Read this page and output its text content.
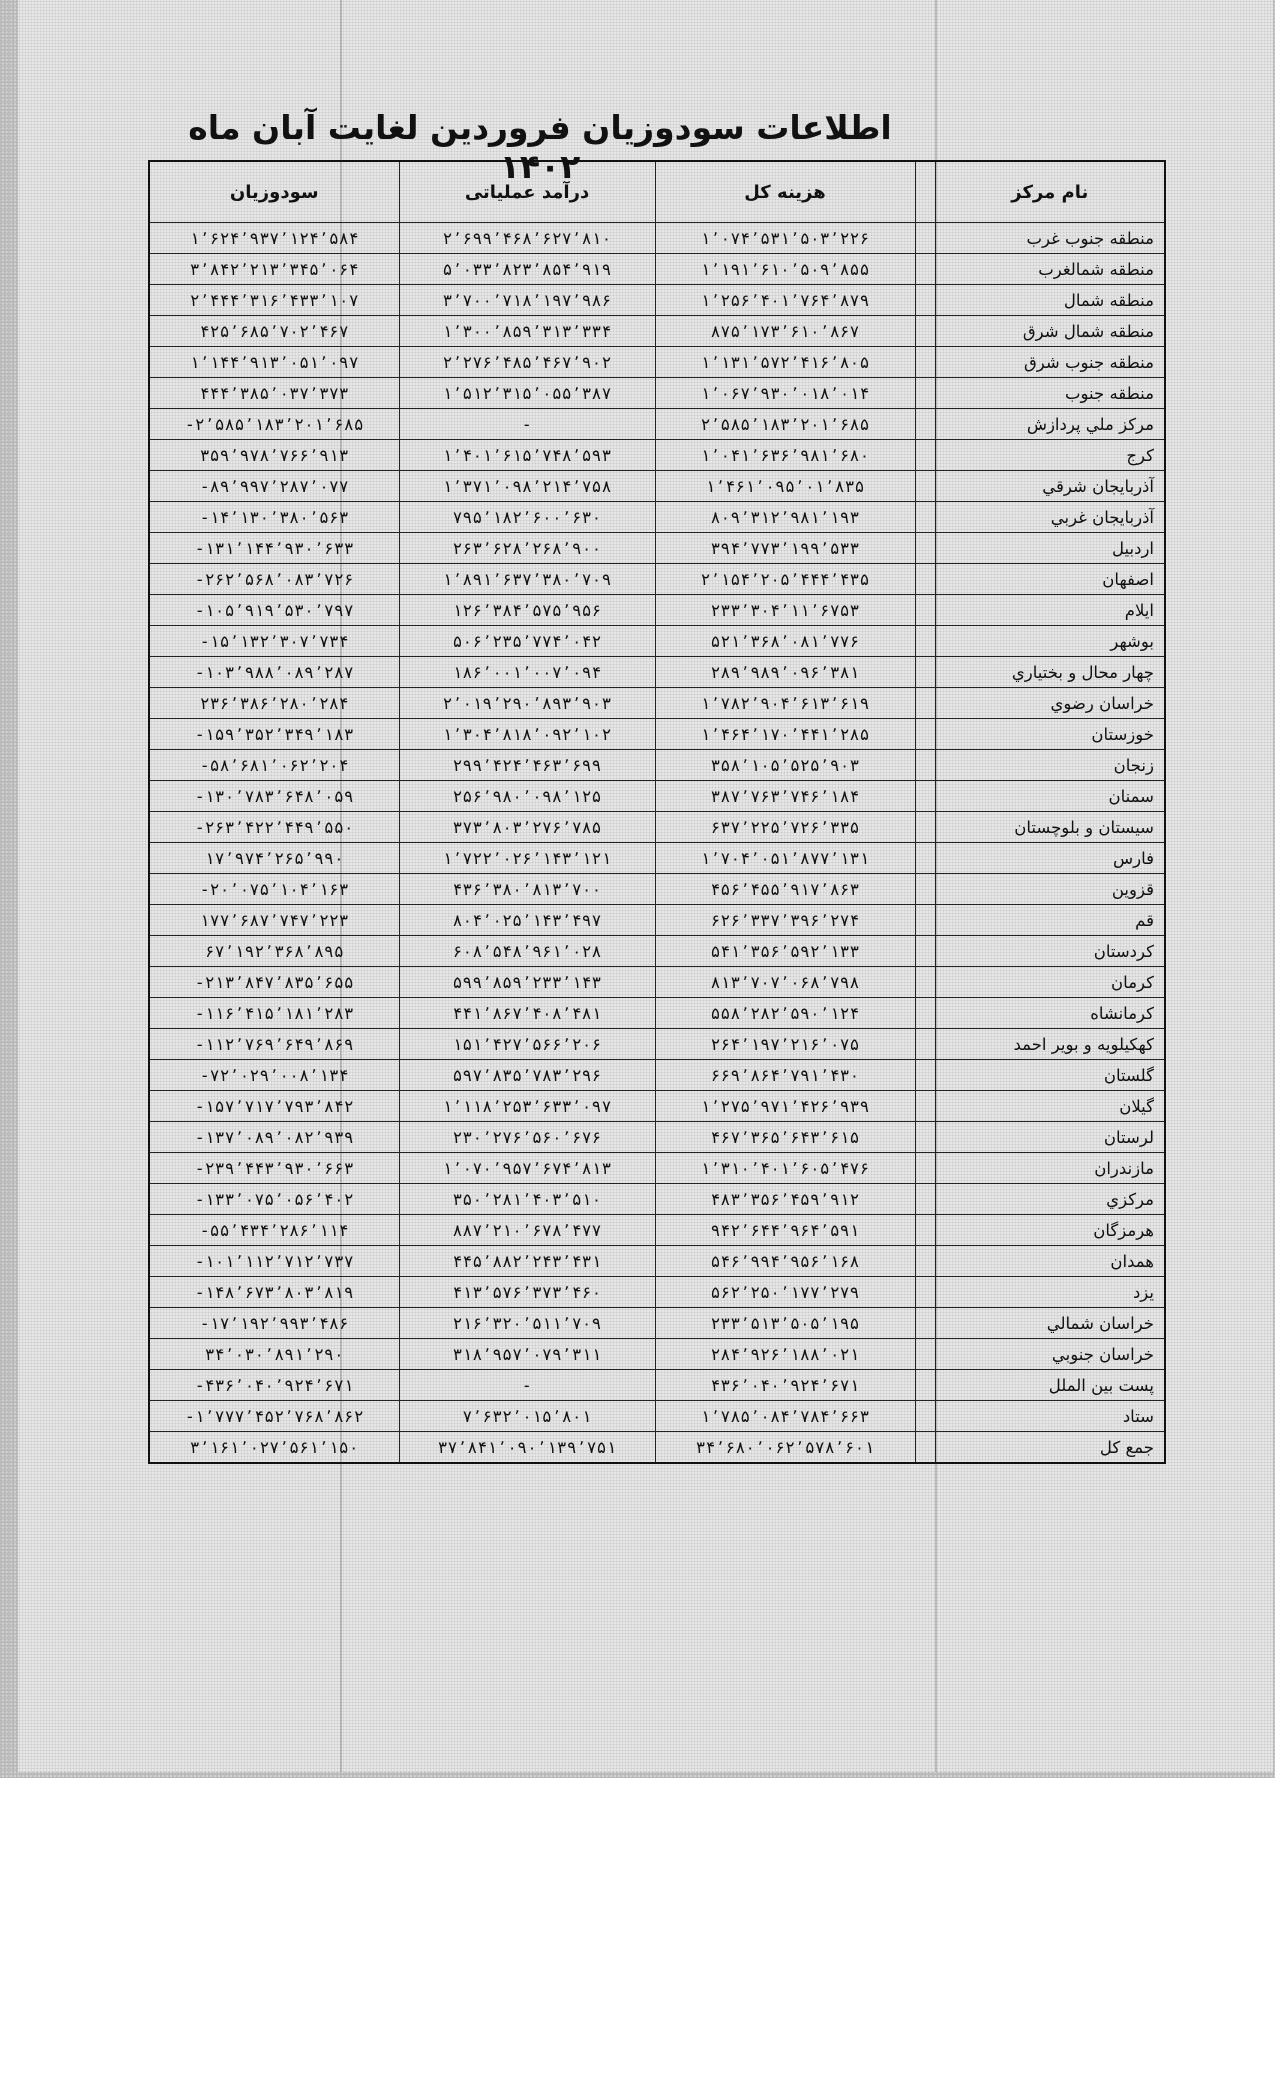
اطلاعات سودوزیان فروردین لغایت آبان ماه ۱۴۰۲
نام مرکز		هزینه کل	درآمد عملیاتی	سودوزیان
منطقه جنوب غرب		۱٬۰۷۴٬۵۳۱٬۵۰۳٬۲۲۶	۲٬۶۹۹٬۴۶۸٬۶۲۷٬۸۱۰	۱٬۶۲۴٬۹۳۷٬۱۲۴٬۵۸۴
منطقه شمالغرب		۱٬۱۹۱٬۶۱۰٬۵۰۹٬۸۵۵	۵٬۰۳۳٬۸۲۳٬۸۵۴٬۹۱۹	۳٬۸۴۲٬۲۱۳٬۳۴۵٬۰۶۴
منطقه شمال		۱٬۲۵۶٬۴۰۱٬۷۶۴٬۸۷۹	۳٬۷۰۰٬۷۱۸٬۱۹۷٬۹۸۶	۲٬۴۴۴٬۳۱۶٬۴۳۳٬۱۰۷
منطقه شمال شرق		۸۷۵٬۱۷۳٬۶۱۰٬۸۶۷	۱٬۳۰۰٬۸۵۹٬۳۱۳٬۳۳۴	۴۲۵٬۶۸۵٬۷۰۲٬۴۶۷
منطقه جنوب شرق		۱٬۱۳۱٬۵۷۲٬۴۱۶٬۸۰۵	۲٬۲۷۶٬۴۸۵٬۴۶۷٬۹۰۲	۱٬۱۴۴٬۹۱۳٬۰۵۱٬۰۹۷
منطقه جنوب		۱٬۰۶۷٬۹۳۰٬۰۱۸٬۰۱۴	۱٬۵۱۲٬۳۱۵٬۰۵۵٬۳۸۷	۴۴۴٬۳۸۵٬۰۳۷٬۳۷۳
مرکز ملي پردازش		۲٬۵۸۵٬۱۸۳٬۲۰۱٬۶۸۵	-	۲٬۵۸۵٬۱۸۳٬۲۰۱٬۶۸۵-
کرج		۱٬۰۴۱٬۶۳۶٬۹۸۱٬۶۸۰	۱٬۴۰۱٬۶۱۵٬۷۴۸٬۵۹۳	۳۵۹٬۹۷۸٬۷۶۶٬۹۱۳
آذربايجان شرقي		۱٬۴۶۱٬۰۹۵٬۰۱٬۸۳۵	۱٬۳۷۱٬۰۹۸٬۲۱۴٬۷۵۸	۸۹٬۹۹۷٬۲۸۷٬۰۷۷-
آذربايجان غربي		۸۰۹٬۳۱۲٬۹۸۱٬۱۹۳	۷۹۵٬۱۸۲٬۶۰۰٬۶۳۰	۱۴٬۱۳۰٬۳۸۰٬۵۶۳-
اردبيل		۳۹۴٬۷۷۳٬۱۹۹٬۵۳۳	۲۶۳٬۶۲۸٬۲۶۸٬۹۰۰	۱۳۱٬۱۴۴٬۹۳۰٬۶۳۳-
اصفهان		۲٬۱۵۴٬۲۰۵٬۴۴۴٬۴۳۵	۱٬۸۹۱٬۶۳۷٬۳۸۰٬۷۰۹	۲۶۲٬۵۶۸٬۰۸۳٬۷۲۶-
ايلام		۲۳۳٬۳۰۴٬۱۱٬۶۷۵۳	۱۲۶٬۳۸۴٬۵۷۵٬۹۵۶	۱۰۵٬۹۱۹٬۵۳۰٬۷۹۷-
بوشهر		۵۲۱٬۳۶۸٬۰۸۱٬۷۷۶	۵۰۶٬۲۳۵٬۷۷۴٬۰۴۲	۱۵٬۱۳۲٬۳۰۷٬۷۳۴-
چهار محال و بختياري		۲۸۹٬۹۸۹٬۰۹۶٬۳۸۱	۱۸۶٬۰۰۱٬۰۰۷٬۰۹۴	۱۰۳٬۹۸۸٬۰۸۹٬۲۸۷-
خراسان رضوي		۱٬۷۸۲٬۹۰۴٬۶۱۳٬۶۱۹	۲٬۰۱۹٬۲۹۰٬۸۹۳٬۹۰۳	۲۳۶٬۳۸۶٬۲۸۰٬۲۸۴
خوزستان		۱٬۴۶۴٬۱۷۰٬۴۴۱٬۲۸۵	۱٬۳۰۴٬۸۱۸٬۰۹۲٬۱۰۲	۱۵۹٬۳۵۲٬۳۴۹٬۱۸۳-
زنجان		۳۵۸٬۱۰۵٬۵۲۵٬۹۰۳	۲۹۹٬۴۲۴٬۴۶۳٬۶۹۹	۵۸٬۶۸۱٬۰۶۲٬۲۰۴-
سمنان		۳۸۷٬۷۶۳٬۷۴۶٬۱۸۴	۲۵۶٬۹۸۰٬۰۹۸٬۱۲۵	۱۳۰٬۷۸۳٬۶۴۸٬۰۵۹-
سيستان و بلوچستان		۶۳۷٬۲۲۵٬۷۲۶٬۳۳۵	۳۷۳٬۸۰۳٬۲۷۶٬۷۸۵	۲۶۳٬۴۲۲٬۴۴۹٬۵۵۰-
فارس		۱٬۷۰۴٬۰۵۱٬۸۷۷٬۱۳۱	۱٬۷۲۲٬۰۲۶٬۱۴۳٬۱۲۱	۱۷٬۹۷۴٬۲۶۵٬۹۹۰
قزوين		۴۵۶٬۴۵۵٬۹۱۷٬۸۶۳	۴۳۶٬۳۸۰٬۸۱۳٬۷۰۰	۲۰٬۰۷۵٬۱۰۴٬۱۶۳-
قم		۶۲۶٬۳۳۷٬۳۹۶٬۲۷۴	۸۰۴٬۰۲۵٬۱۴۳٬۴۹۷	۱۷۷٬۶۸۷٬۷۴۷٬۲۲۳
کردستان		۵۴۱٬۳۵۶٬۵۹۲٬۱۳۳	۶۰۸٬۵۴۸٬۹۶۱٬۰۲۸	۶۷٬۱۹۲٬۳۶۸٬۸۹۵
کرمان		۸۱۳٬۷۰۷٬۰۶۸٬۷۹۸	۵۹۹٬۸۵۹٬۲۳۳٬۱۴۳	۲۱۳٬۸۴۷٬۸۳۵٬۶۵۵-
کرمانشاه		۵۵۸٬۲۸۲٬۵۹۰٬۱۲۴	۴۴۱٬۸۶۷٬۴۰۸٬۴۸۱	۱۱۶٬۴۱۵٬۱۸۱٬۲۸۳-
کهکيلويه و بوير احمد		۲۶۴٬۱۹۷٬۲۱۶٬۰۷۵	۱۵۱٬۴۲۷٬۵۶۶٬۲۰۶	۱۱۲٬۷۶۹٬۶۴۹٬۸۶۹-
گلستان		۶۶۹٬۸۶۴٬۷۹۱٬۴۳۰	۵۹۷٬۸۳۵٬۷۸۳٬۲۹۶	۷۲٬۰۲۹٬۰۰۸٬۱۳۴-
گيلان		۱٬۲۷۵٬۹۷۱٬۴۲۶٬۹۳۹	۱٬۱۱۸٬۲۵۳٬۶۳۳٬۰۹۷	۱۵۷٬۷۱۷٬۷۹۳٬۸۴۲-
لرستان		۴۶۷٬۳۶۵٬۶۴۳٬۶۱۵	۲۳۰٬۲۷۶٬۵۶۰٬۶۷۶	۱۳۷٬۰۸۹٬۰۸۲٬۹۳۹-
مازندران		۱٬۳۱۰٬۴۰۱٬۶۰۵٬۴۷۶	۱٬۰۷۰٬۹۵۷٬۶۷۴٬۸۱۳	۲۳۹٬۴۴۳٬۹۳۰٬۶۶۳-
مرکزي		۴۸۳٬۳۵۶٬۴۵۹٬۹۱۲	۳۵۰٬۲۸۱٬۴۰۳٬۵۱۰	۱۳۳٬۰۷۵٬۰۵۶٬۴۰۲-
هرمزگان		۹۴۲٬۶۴۴٬۹۶۴٬۵۹۱	۸۸۷٬۲۱۰٬۶۷۸٬۴۷۷	۵۵٬۴۳۴٬۲۸۶٬۱۱۴-
همدان		۵۴۶٬۹۹۴٬۹۵۶٬۱۶۸	۴۴۵٬۸۸۲٬۲۴۳٬۴۳۱	۱۰۱٬۱۱۲٬۷۱۲٬۷۳۷-
يزد		۵۶۲٬۲۵۰٬۱۷۷٬۲۷۹	۴۱۳٬۵۷۶٬۳۷۳٬۴۶۰	۱۴۸٬۶۷۳٬۸۰۳٬۸۱۹-
خراسان شمالي		۲۳۳٬۵۱۳٬۵۰۵٬۱۹۵	۲۱۶٬۳۲۰٬۵۱۱٬۷۰۹	۱۷٬۱۹۲٬۹۹۳٬۴۸۶-
خراسان جنوبي		۲۸۴٬۹۲۶٬۱۸۸٬۰۲۱	۳۱۸٬۹۵۷٬۰۷۹٬۳۱۱	۳۴٬۰۳۰٬۸۹۱٬۲۹۰
پست بين الملل		۴۳۶٬۰۴۰٬۹۲۴٬۶۷۱	-	۴۳۶٬۰۴۰٬۹۲۴٬۶۷۱-
ستاد		۱٬۷۸۵٬۰۸۴٬۷۸۴٬۶۶۳	۷٬۶۳۲٬۰۱۵٬۸۰۱	۱٬۷۷۷٬۴۵۲٬۷۶۸٬۸۶۲-
جمع کل		۳۴٬۶۸۰٬۰۶۲٬۵۷۸٬۶۰۱	۳۷٬۸۴۱٬۰۹۰٬۱۳۹٬۷۵۱	۳٬۱۶۱٬۰۲۷٬۵۶۱٬۱۵۰
